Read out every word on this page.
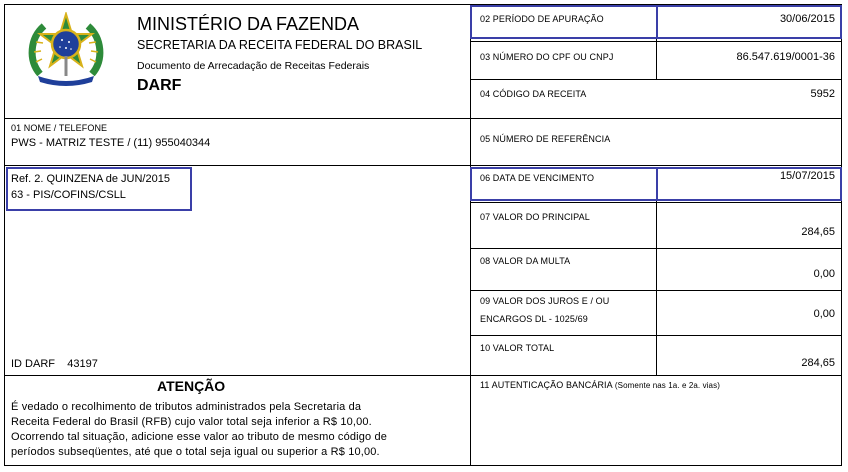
MINISTÉRIO DA FAZENDA
SECRETARIA DA RECEITA FEDERAL DO BRASIL
Documento de Arrecadação de Receitas Federais
DARF
01 NOME / TELEFONE
PWS - MATRIZ TESTE / (11) 955040344
Ref. 2. QUINZENA de JUN/2015
63 - PIS/COFINS/CSLL
ID DARF 43197
ATENÇÃO
É vedado o recolhimento de tributos administrados pela Secretaria da
Receita Federal do Brasil (RFB) cujo valor total seja inferior a R$ 10,00.
Ocorrendo tal situação, adicione esse valor ao tributo de mesmo código de
períodos subseqüentes, até que o total seja igual ou superior a R$ 10,00.
02 PERÍODO DE APURAÇÃO	30/06/2015
03 NÚMERO DO CPF OU CNPJ	86.547.619/0001-36
04 CÓDIGO DA RECEITA	5952
05 NÚMERO DE REFERÊNCIA
06 DATA DE VENCIMENTO	15/07/2015
07 VALOR DO PRINCIPAL
284,65
08 VALOR DA MULTA
0,00
09 VALOR DOS JUROS E / OU
ENCARGOS DL - 1025/69	0,00
10 VALOR TOTAL
284,65
11 AUTENTICAÇÃO BANCÁRIA (Somente nas 1a. e 2a. vias)
